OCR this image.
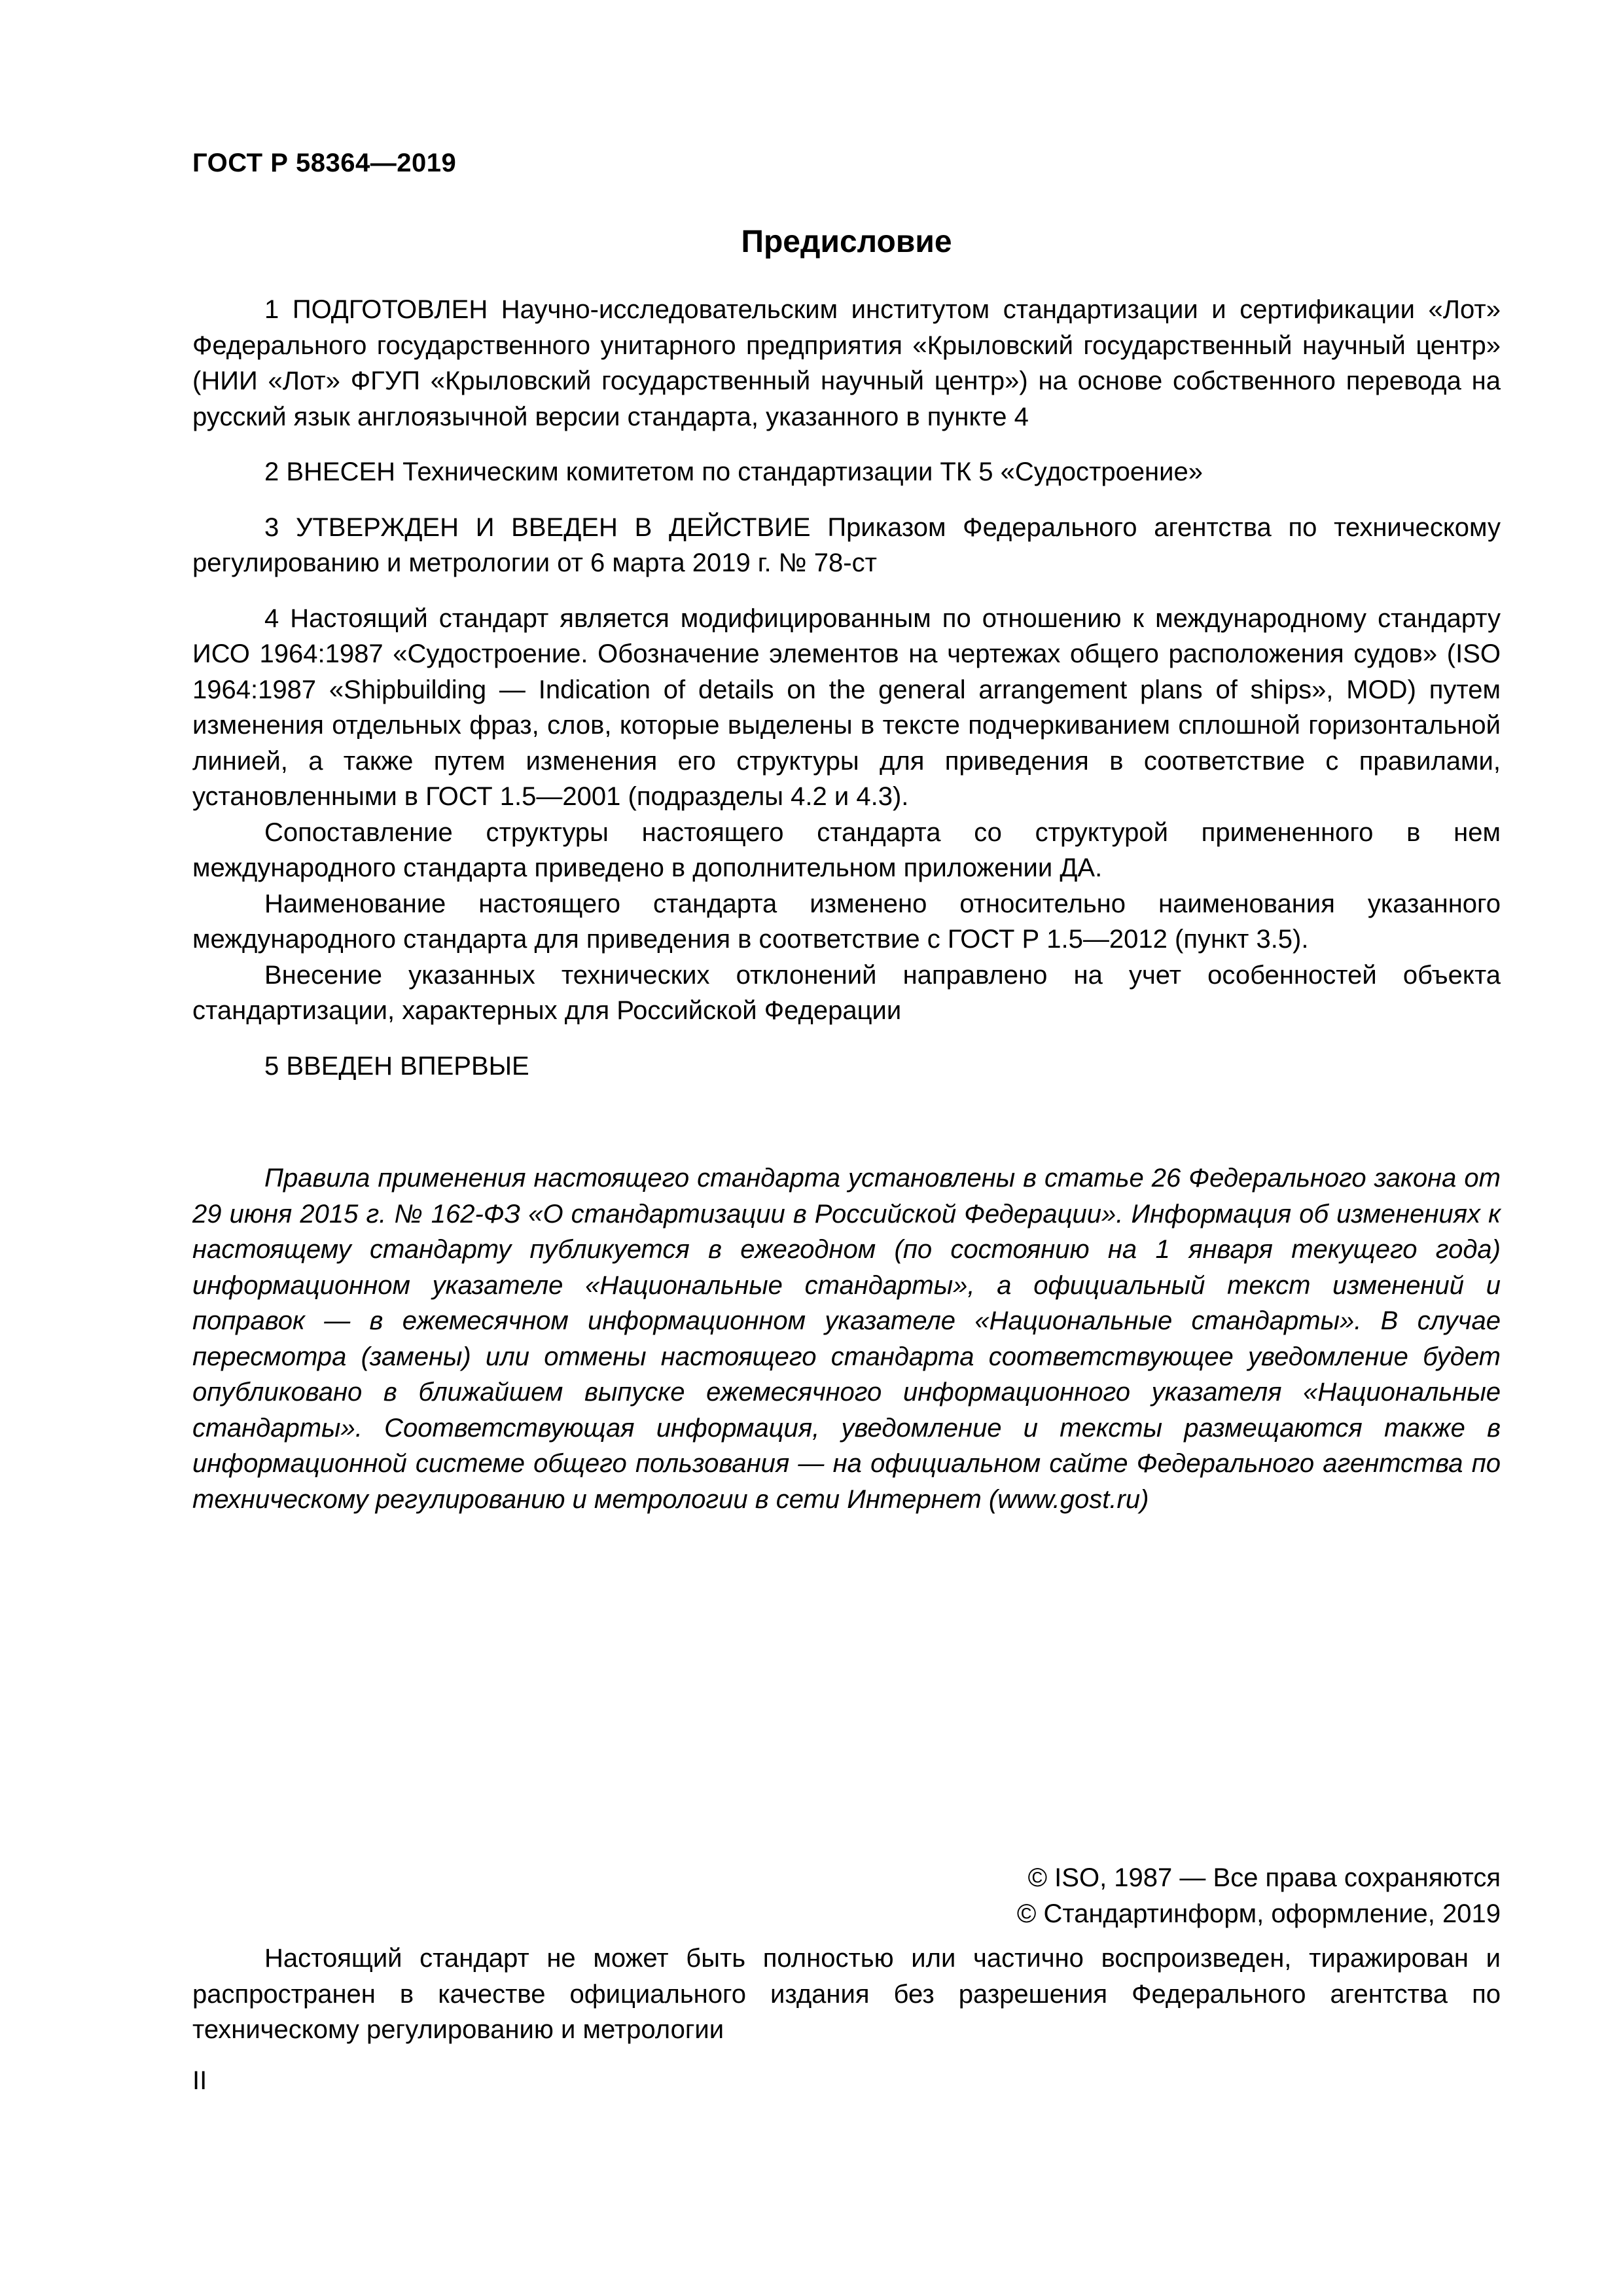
ГОСТ Р 58364—2019
Предисловие

1 ПОДГОТОВЛЕН Научно-исследовательским институтом стандартизации и сертификации «Лот» Федерального государственного унитарного предприятия «Крыловский государственный научный центр» (НИИ «Лот» ФГУП «Крыловский государственный научный центр») на основе собственного перевода на русский язык англоязычной версии стандарта, указанного в пункте 4

2 ВНЕСЕН Техническим комитетом по стандартизации ТК 5 «Судостроение»

3 УТВЕРЖДЕН И ВВЕДЕН В ДЕЙСТВИЕ Приказом Федерального агентства по техническому регулированию и метрологии от 6 марта 2019 г. № 78-ст

4 Настоящий стандарт является модифицированным по отношению к международному стандарту ИСО 1964:1987 «Судостроение. Обозначение элементов на чертежах общего расположения судов» (ISO 1964:1987 «Shipbuilding — Indication of details on the general arrangement plans of ships», MOD) путем изменения отдельных фраз, слов, которые выделены в тексте подчеркиванием сплошной горизонтальной линией, а также путем изменения его структуры для приведения в соответствие с правилами, установленными в ГОСТ 1.5—2001 (подразделы 4.2 и 4.3).

Сопоставление структуры настоящего стандарта со структурой примененного в нем международного стандарта приведено в дополнительном приложении ДА.

Наименование настоящего стандарта изменено относительно наименования указанного международного стандарта для приведения в соответствие с ГОСТ Р 1.5—2012 (пункт 3.5).

Внесение указанных технических отклонений направлено на учет особенностей объекта стандартизации, характерных для Российской Федерации

5 ВВЕДЕН ВПЕРВЫЕ

Правила применения настоящего стандарта установлены в статье 26 Федерального закона от 29 июня 2015 г. № 162-ФЗ «О стандартизации в Российской Федерации». Информация об изменениях к настоящему стандарту публикуется в ежегодном (по состоянию на 1 января текущего года) информационном указателе «Национальные стандарты», а официальный текст изменений и поправок — в ежемесячном информационном указателе «Национальные стандарты». В случае пересмотра (замены) или отмены настоящего стандарта соответствующее уведомление будет опубликовано в ближайшем выпуске ежемесячного информационного указателя «Национальные стандарты». Соответствующая информация, уведомление и тексты размещаются также в информационной системе общего пользования — на официальном сайте Федерального агентства по техническому регулированию и метрологии в сети Интернет (www.gost.ru)

© ISO, 1987 — Все права сохраняются
© Стандартинформ, оформление, 2019

Настоящий стандарт не может быть полностью или частично воспроизведен, тиражирован и распространен в качестве официального издания без разрешения Федерального агентства по техническому регулированию и метрологии

II
